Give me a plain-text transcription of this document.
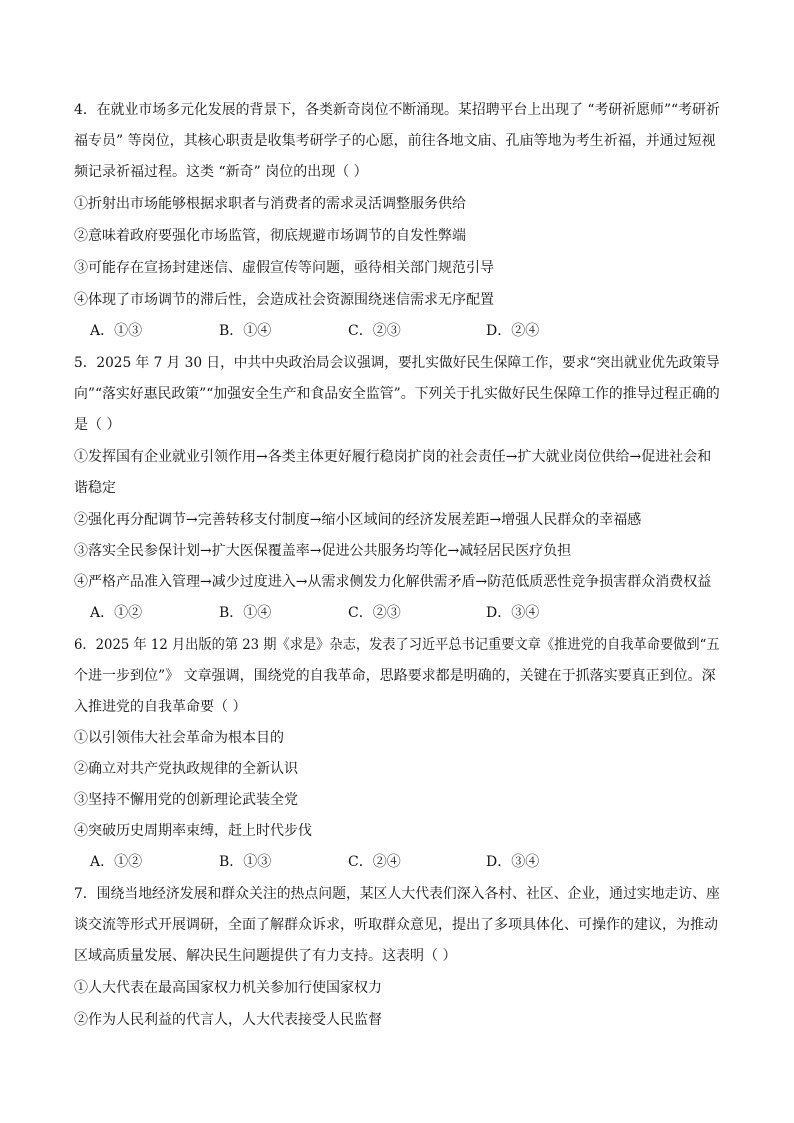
4．在就业市场多元化发展的背景下，各类新奇岗位不断涌现。某招聘平台上出现了 “考研祈愿师”“考研祈
福专员” 等岗位，其核心职责是收集考研学子的心愿，前往各地文庙、孔庙等地为考生祈福，并通过短视
频记录祈福过程。这类 “新奇” 岗位的出现（ ）
①折射出市场能够根据求职者与消费者的需求灵活调整服务供给
②意味着政府要强化市场监管，彻底规避市场调节的自发性弊端
③可能存在宣扬封建迷信、虚假宣传等问题，亟待相关部门规范引导
④体现了市场调节的滞后性，会造成社会资源围绕迷信需求无序配置
A．①③	B．①④	C．②③	D．②④
5．2025 年 7 月 30 日，中共中央政治局会议强调，要扎实做好民生保障工作，要求“突出就业优先政策导
向”“落实好惠民政策”“加强安全生产和食品安全监管”。下列关于扎实做好民生保障工作的推导过程正确的
是（ ）
①发挥国有企业就业引领作用→各类主体更好履行稳岗扩岗的社会责任→扩大就业岗位供给→促进社会和
谐稳定
②强化再分配调节→完善转移支付制度→缩小区域间的经济发展差距→增强人民群众的幸福感
③落实全民参保计划→扩大医保覆盖率→促进公共服务均等化→减轻居民医疗负担
④严格产品准入管理→减少过度进入→从需求侧发力化解供需矛盾→防范低质恶性竞争损害群众消费权益
A．①②	B．①④	C．②③	D．③④
6．2025 年 12 月出版的第 23 期《求是》杂志，发表了习近平总书记重要文章《推进党的自我革命要做到“五
个进一步到位”》 文章强调，围绕党的自我革命，思路要求都是明确的，关键在于抓落实要真正到位。深
入推进党的自我革命要（ ）
①以引领伟大社会革命为根本目的
②确立对共产党执政规律的全新认识
③坚持不懈用党的创新理论武装全党
④突破历史周期率束缚，赶上时代步伐
A．①②	B．①③	C．②④	D．③④
7．围绕当地经济发展和群众关注的热点问题，某区人大代表们深入各村、社区、企业，通过实地走访、座
谈交流等形式开展调研，全面了解群众诉求，听取群众意见，提出了多项具体化、可操作的建议，为推动
区域高质量发展、解决民生问题提供了有力支持。这表明（ ）
①人大代表在最高国家权力机关参加行使国家权力
②作为人民利益的代言人，人大代表接受人民监督
